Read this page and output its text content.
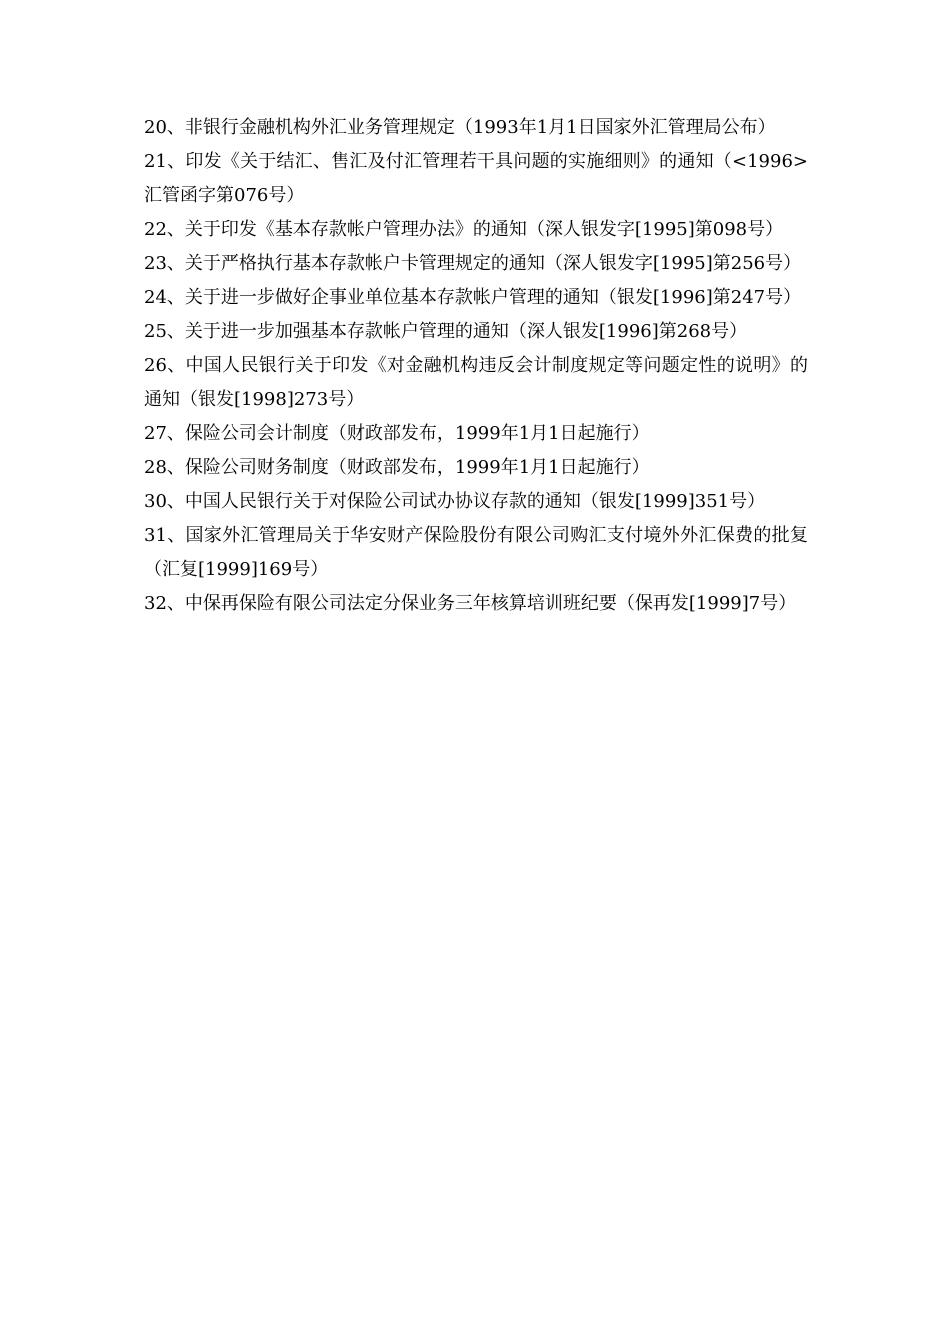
20、非银行金融机构外汇业务管理规定（1993年1月1日国家外汇管理局公布）

21、印发《关于结汇、售汇及付汇管理若干具问题的实施细则》的通知（<1996>汇管函字第076号）

22、关于印发《基本存款帐户管理办法》的通知（深人银发字[1995]第098号）

23、关于严格执行基本存款帐户卡管理规定的通知（深人银发字[1995]第256号）

24、关于进一步做好企事业单位基本存款帐户管理的通知（银发[1996]第247号）

25、关于进一步加强基本存款帐户管理的通知（深人银发[1996]第268号）

26、中国人民银行关于印发《对金融机构违反会计制度规定等问题定性的说明》的通知（银发[1998]273号）

27、保险公司会计制度（财政部发布，1999年1月1日起施行）

28、保险公司财务制度（财政部发布，1999年1月1日起施行）

30、中国人民银行关于对保险公司试办协议存款的通知（银发[1999]351号）

31、国家外汇管理局关于华安财产保险股份有限公司购汇支付境外外汇保费的批复（汇复[1999]169号）

32、中保再保险有限公司法定分保业务三年核算培训班纪要（保再发[1999]7号）
